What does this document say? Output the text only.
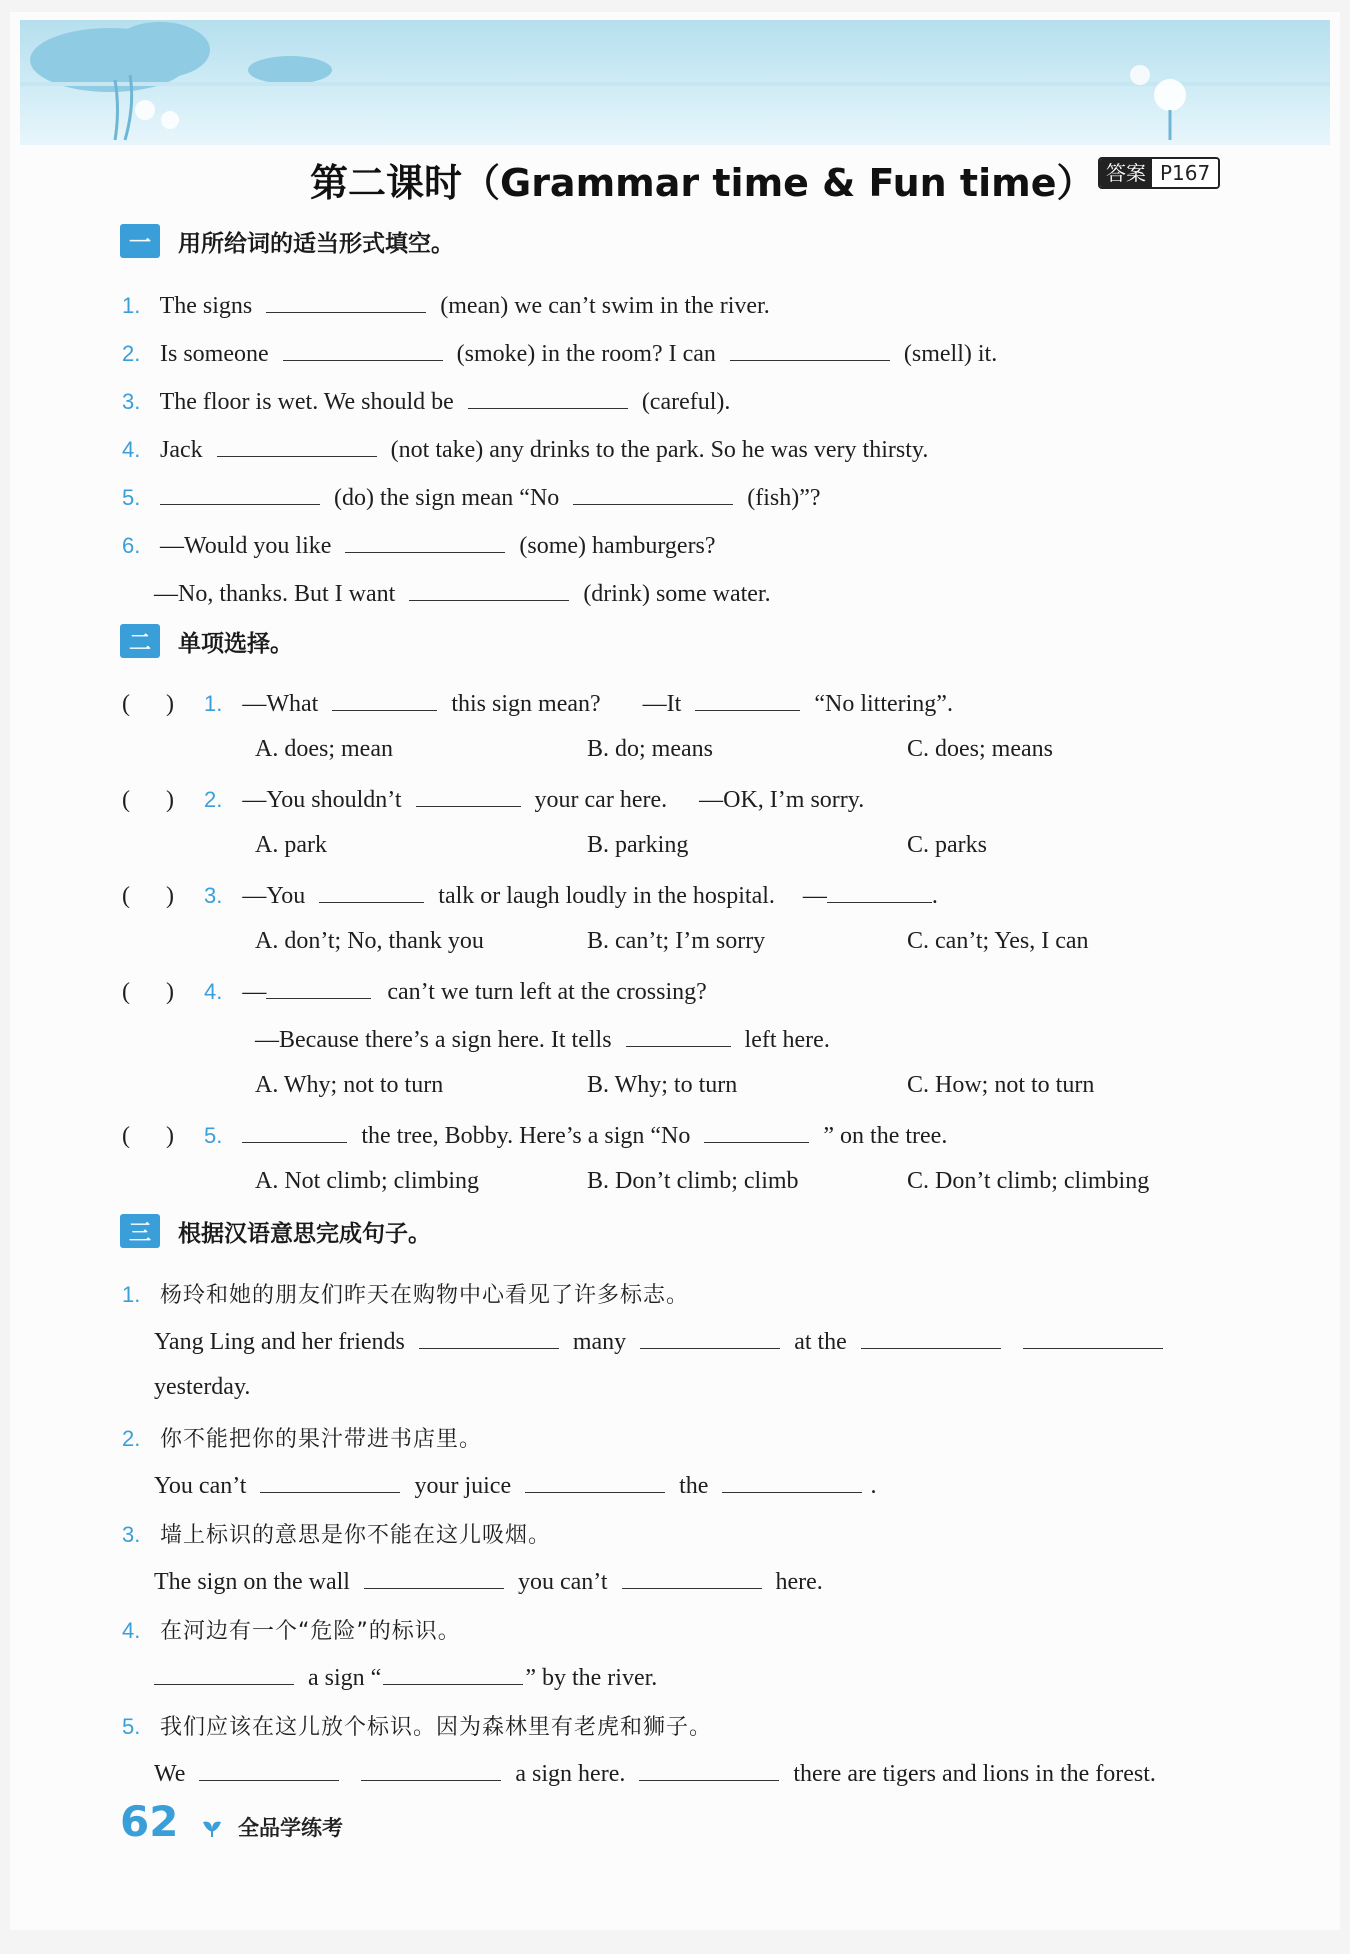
第二课时（Grammar time & Fun time） 答案 P167
一	用所给词的适当形式填空。
1. The signs	(mean) we can’t swim in the river.
2. Is someone	(smoke) in the room? I can	(smell) it.
3. The floor is wet. We should be	(careful).
4. Jack	(not take) any drinks to the park. So he was very thirsty.
5.	(do) the sign mean “No	(fish)”?
6. —Would you like	(some) hamburgers?
—No, thanks. But I want	(drink) some water.
二	单项选择。
(      ) 1. —What	this sign mean? —It	“No littering”.
A. does; mean	B. do; means	C. does; means
(      ) 2. —You shouldn’t	your car here. —OK, I’m sorry.
A. park	B. parking	C. parks
(      ) 3. —You	talk or laugh loudly in the hospital. —	.
A. don’t; No, thank you	B. can’t; I’m sorry	C. can’t; Yes, I can
(      ) 4. —	can’t we turn left at the crossing?
—Because there’s a sign here. It tells	left here.
A. Why; not to turn	B. Why; to turn	C. How; not to turn
(      ) 5.	the tree, Bobby. Here’s a sign “No	” on the tree.
A. Not climb; climbing	B. Don’t climb; climb	C. Don’t climb; climbing
三	根据汉语意思完成句子。
1. 杨玲和她的朋友们昨天在购物中心看见了许多标志。
Yang Ling and her friends	many	at the
yesterday.
2. 你不能把你的果汁带进书店里。
You can’t	your juice	the	.
3. 墙上标识的意思是你不能在这儿吸烟。
The sign on the wall	you can’t	here.
4. 在河边有一个“危险”的标识。
a sign “	” by the river.
5. 我们应该在这儿放个标识。因为森林里有老虎和狮子。
We	a sign here.	there are tigers and lions in the forest.
62	全品学练考
